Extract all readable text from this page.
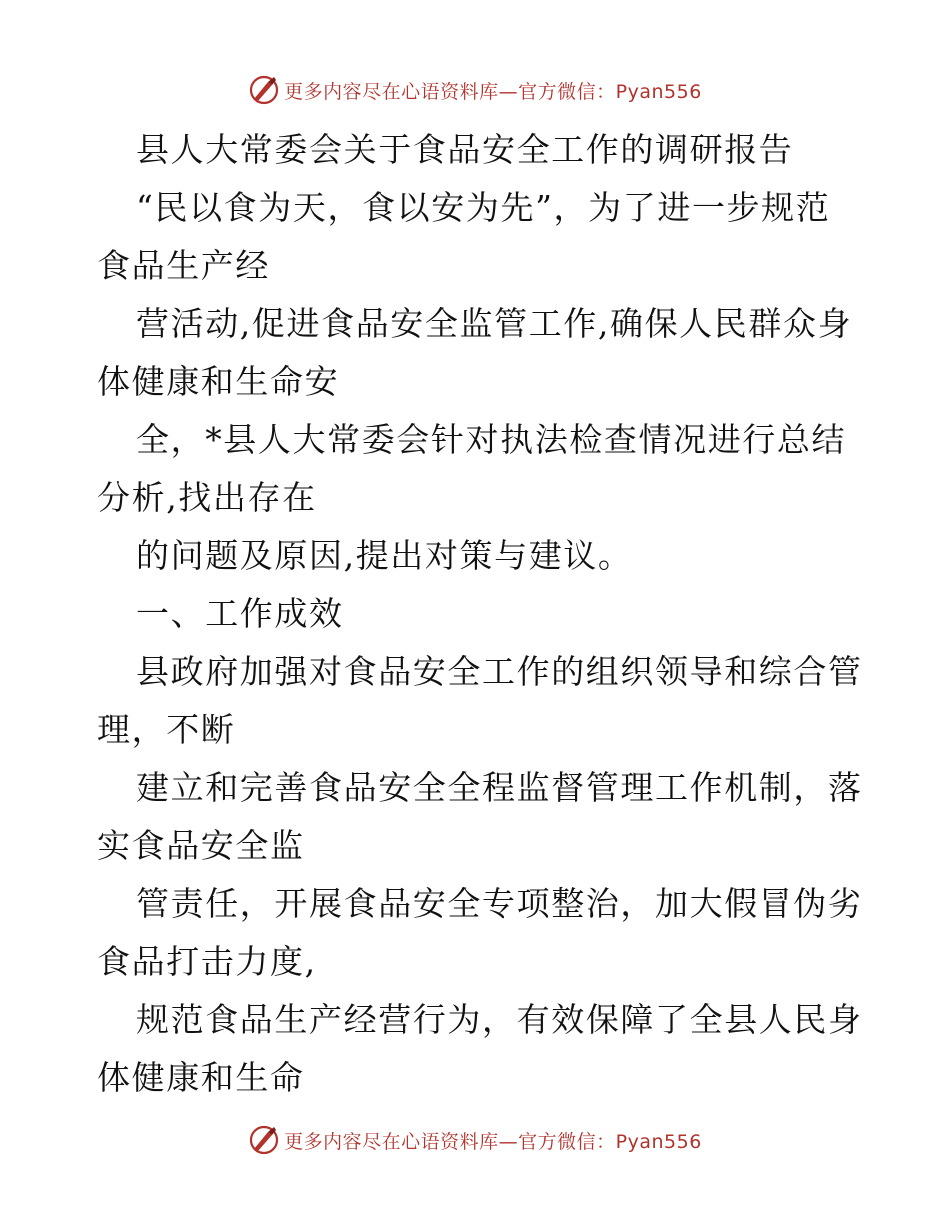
更多内容尽在心语资料库—官方微信：Pyan556
县人大常委会关于食品安全工作的调研报告
“民以食为天，食以安为先”，为了进一步规范
食品生产经
营活动,促进食品安全监管工作,确保人民群众身
体健康和生命安
全，*县人大常委会针对执法检查情况进行总结
分析,找出存在
的问题及原因,提出对策与建议。
一、工作成效
县政府加强对食品安全工作的组织领导和综合管
理，不断
建立和完善食品安全全程监督管理工作机制，落
实食品安全监
管责任，开展食品安全专项整治，加大假冒伪劣
食品打击力度,
规范食品生产经营行为，有效保障了全县人民身
体健康和生命
更多内容尽在心语资料库—官方微信：Pyan556
